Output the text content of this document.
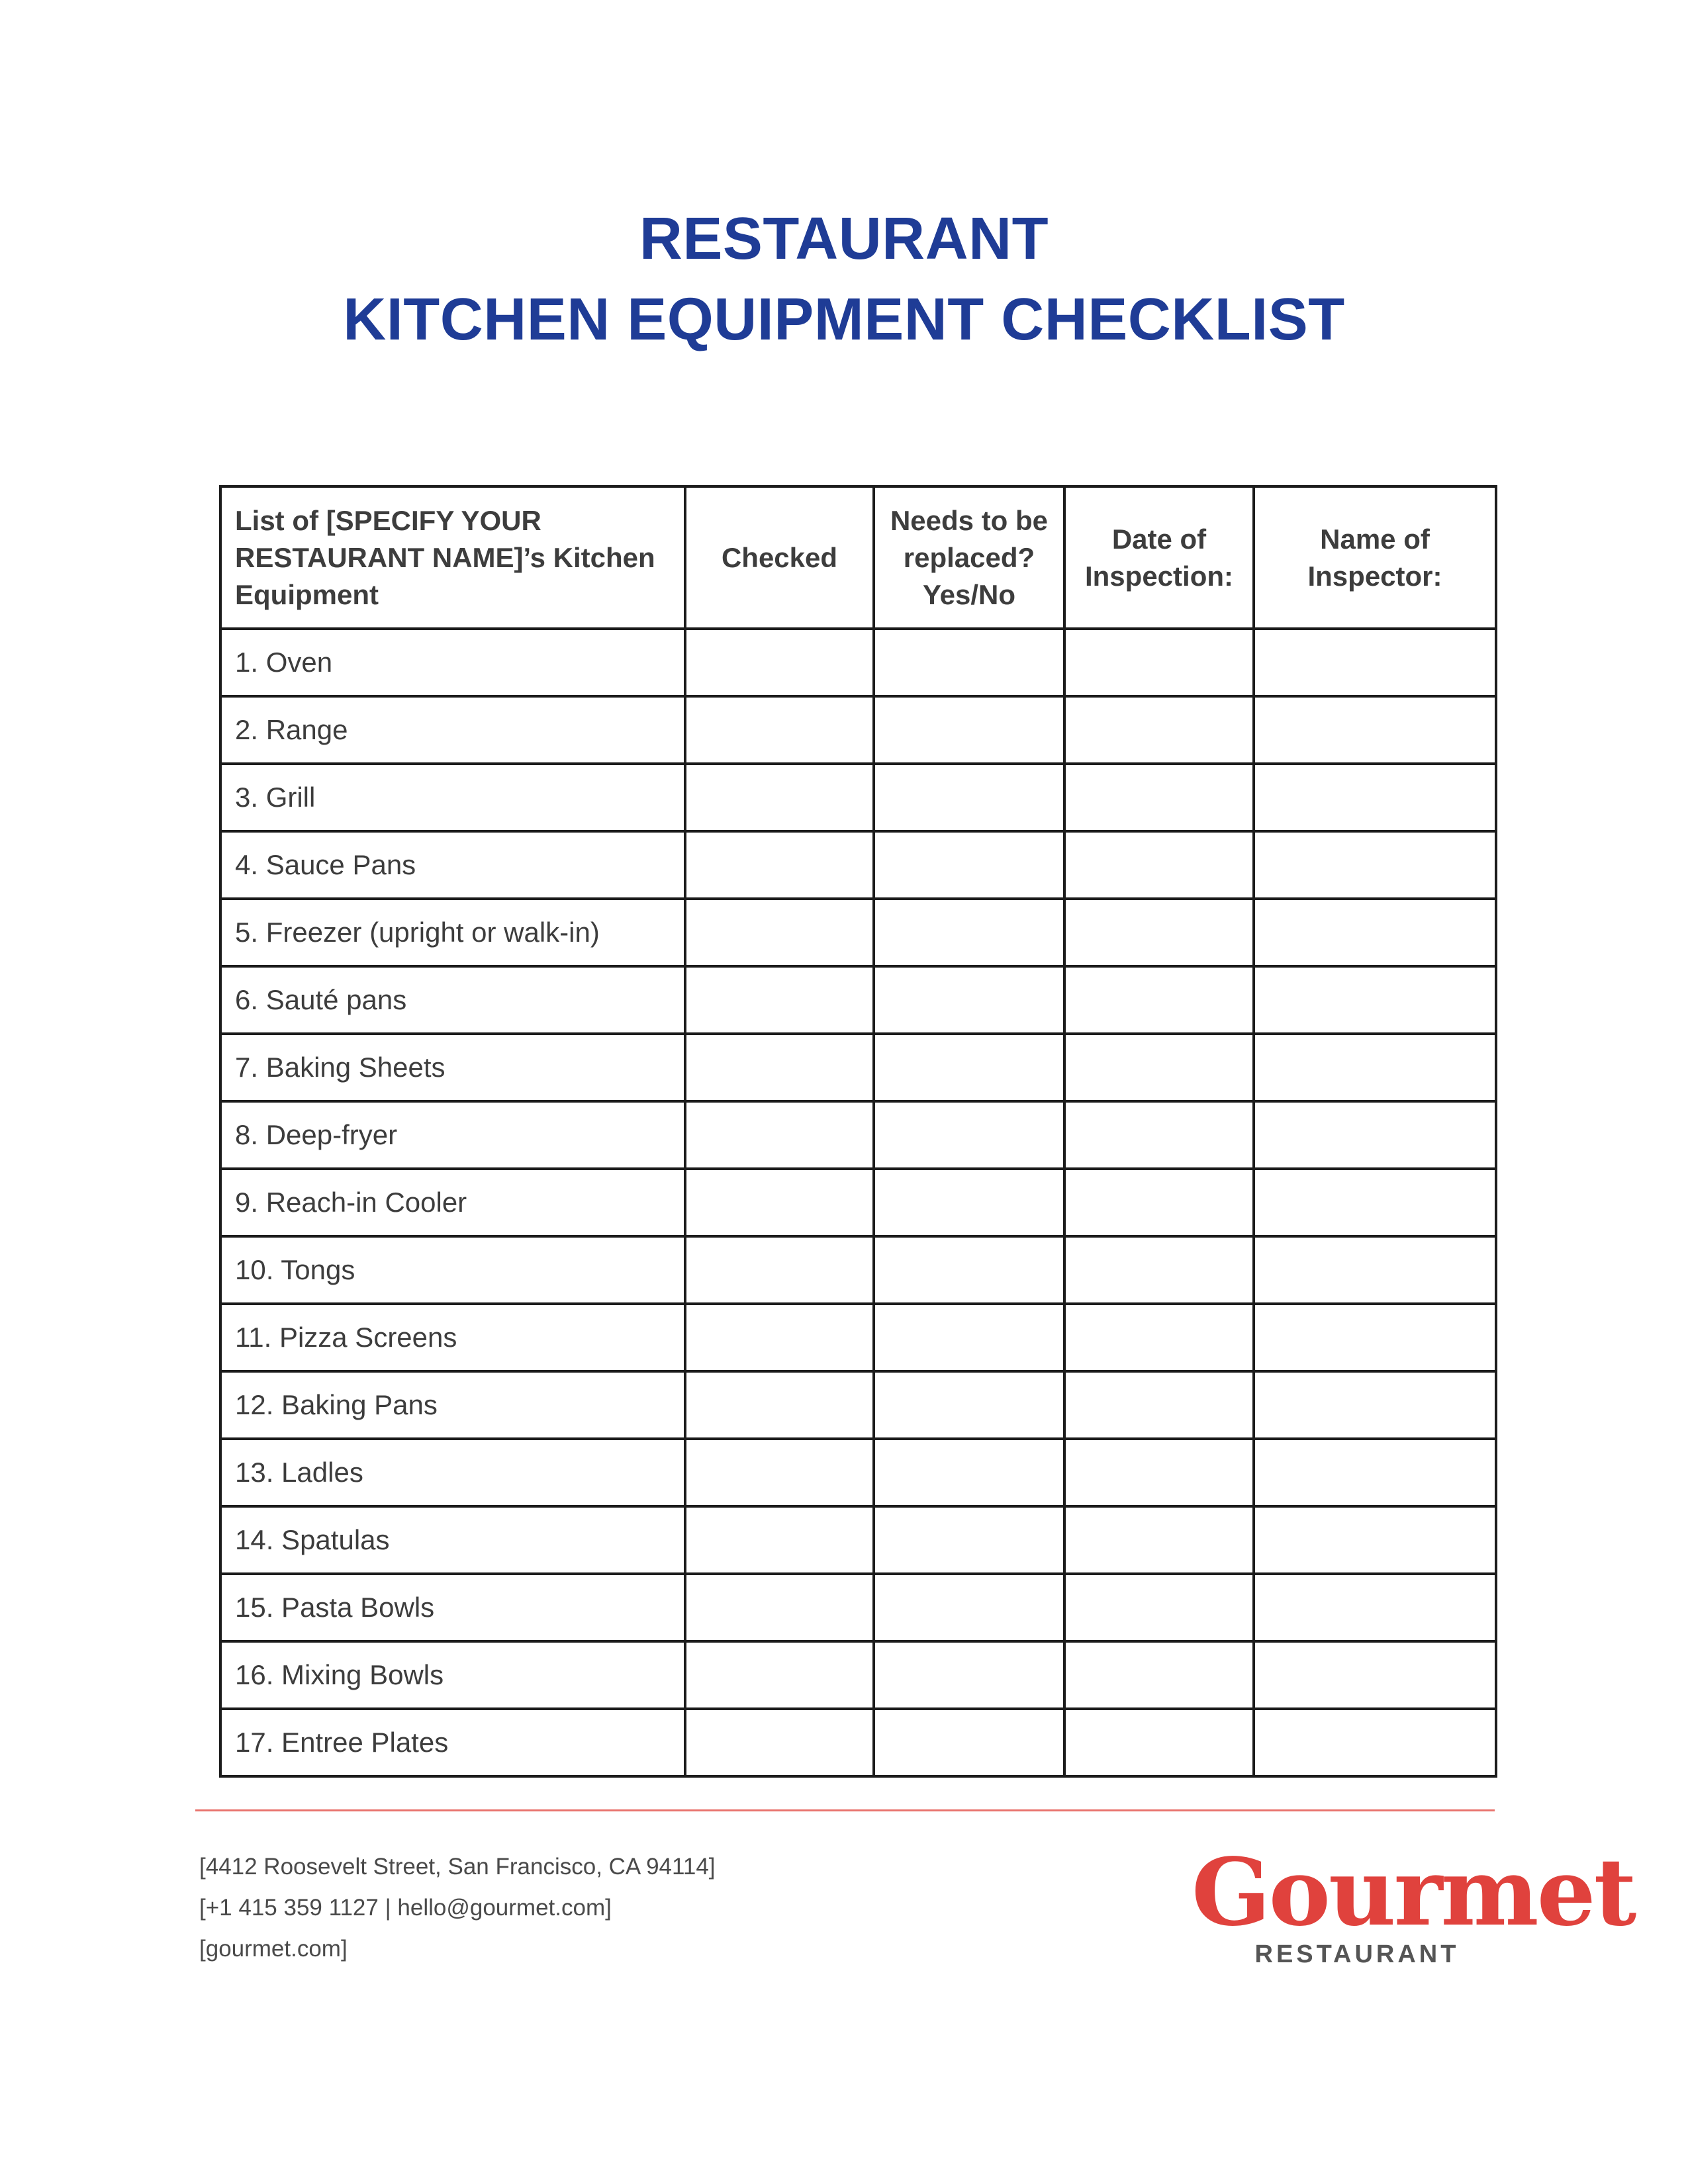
RESTAURANT
KITCHEN EQUIPMENT CHECKLIST
List of [SPECIFY YOUR RESTAURANT NAME]’s Kitchen Equipment	Checked	Needs to be replaced? Yes/No	Date of Inspection:	Name of Inspector:
1. Oven				
2. Range				
3. Grill				
4. Sauce Pans				
5. Freezer (upright or walk-in)				
6. Sauté pans				
7. Baking Sheets				
8. Deep-fryer				
9. Reach-in Cooler				
10. Tongs				
11. Pizza Screens				
12. Baking Pans				
13. Ladles				
14. Spatulas				
15. Pasta Bowls				
16. Mixing Bowls				
17. Entree Plates				
[4412 Roosevelt Street, San Francisco, CA 94114]
[+1 415 359 1127 | hello@gourmet.com]
[gourmet.com]
Gourmet
RESTAURANT
